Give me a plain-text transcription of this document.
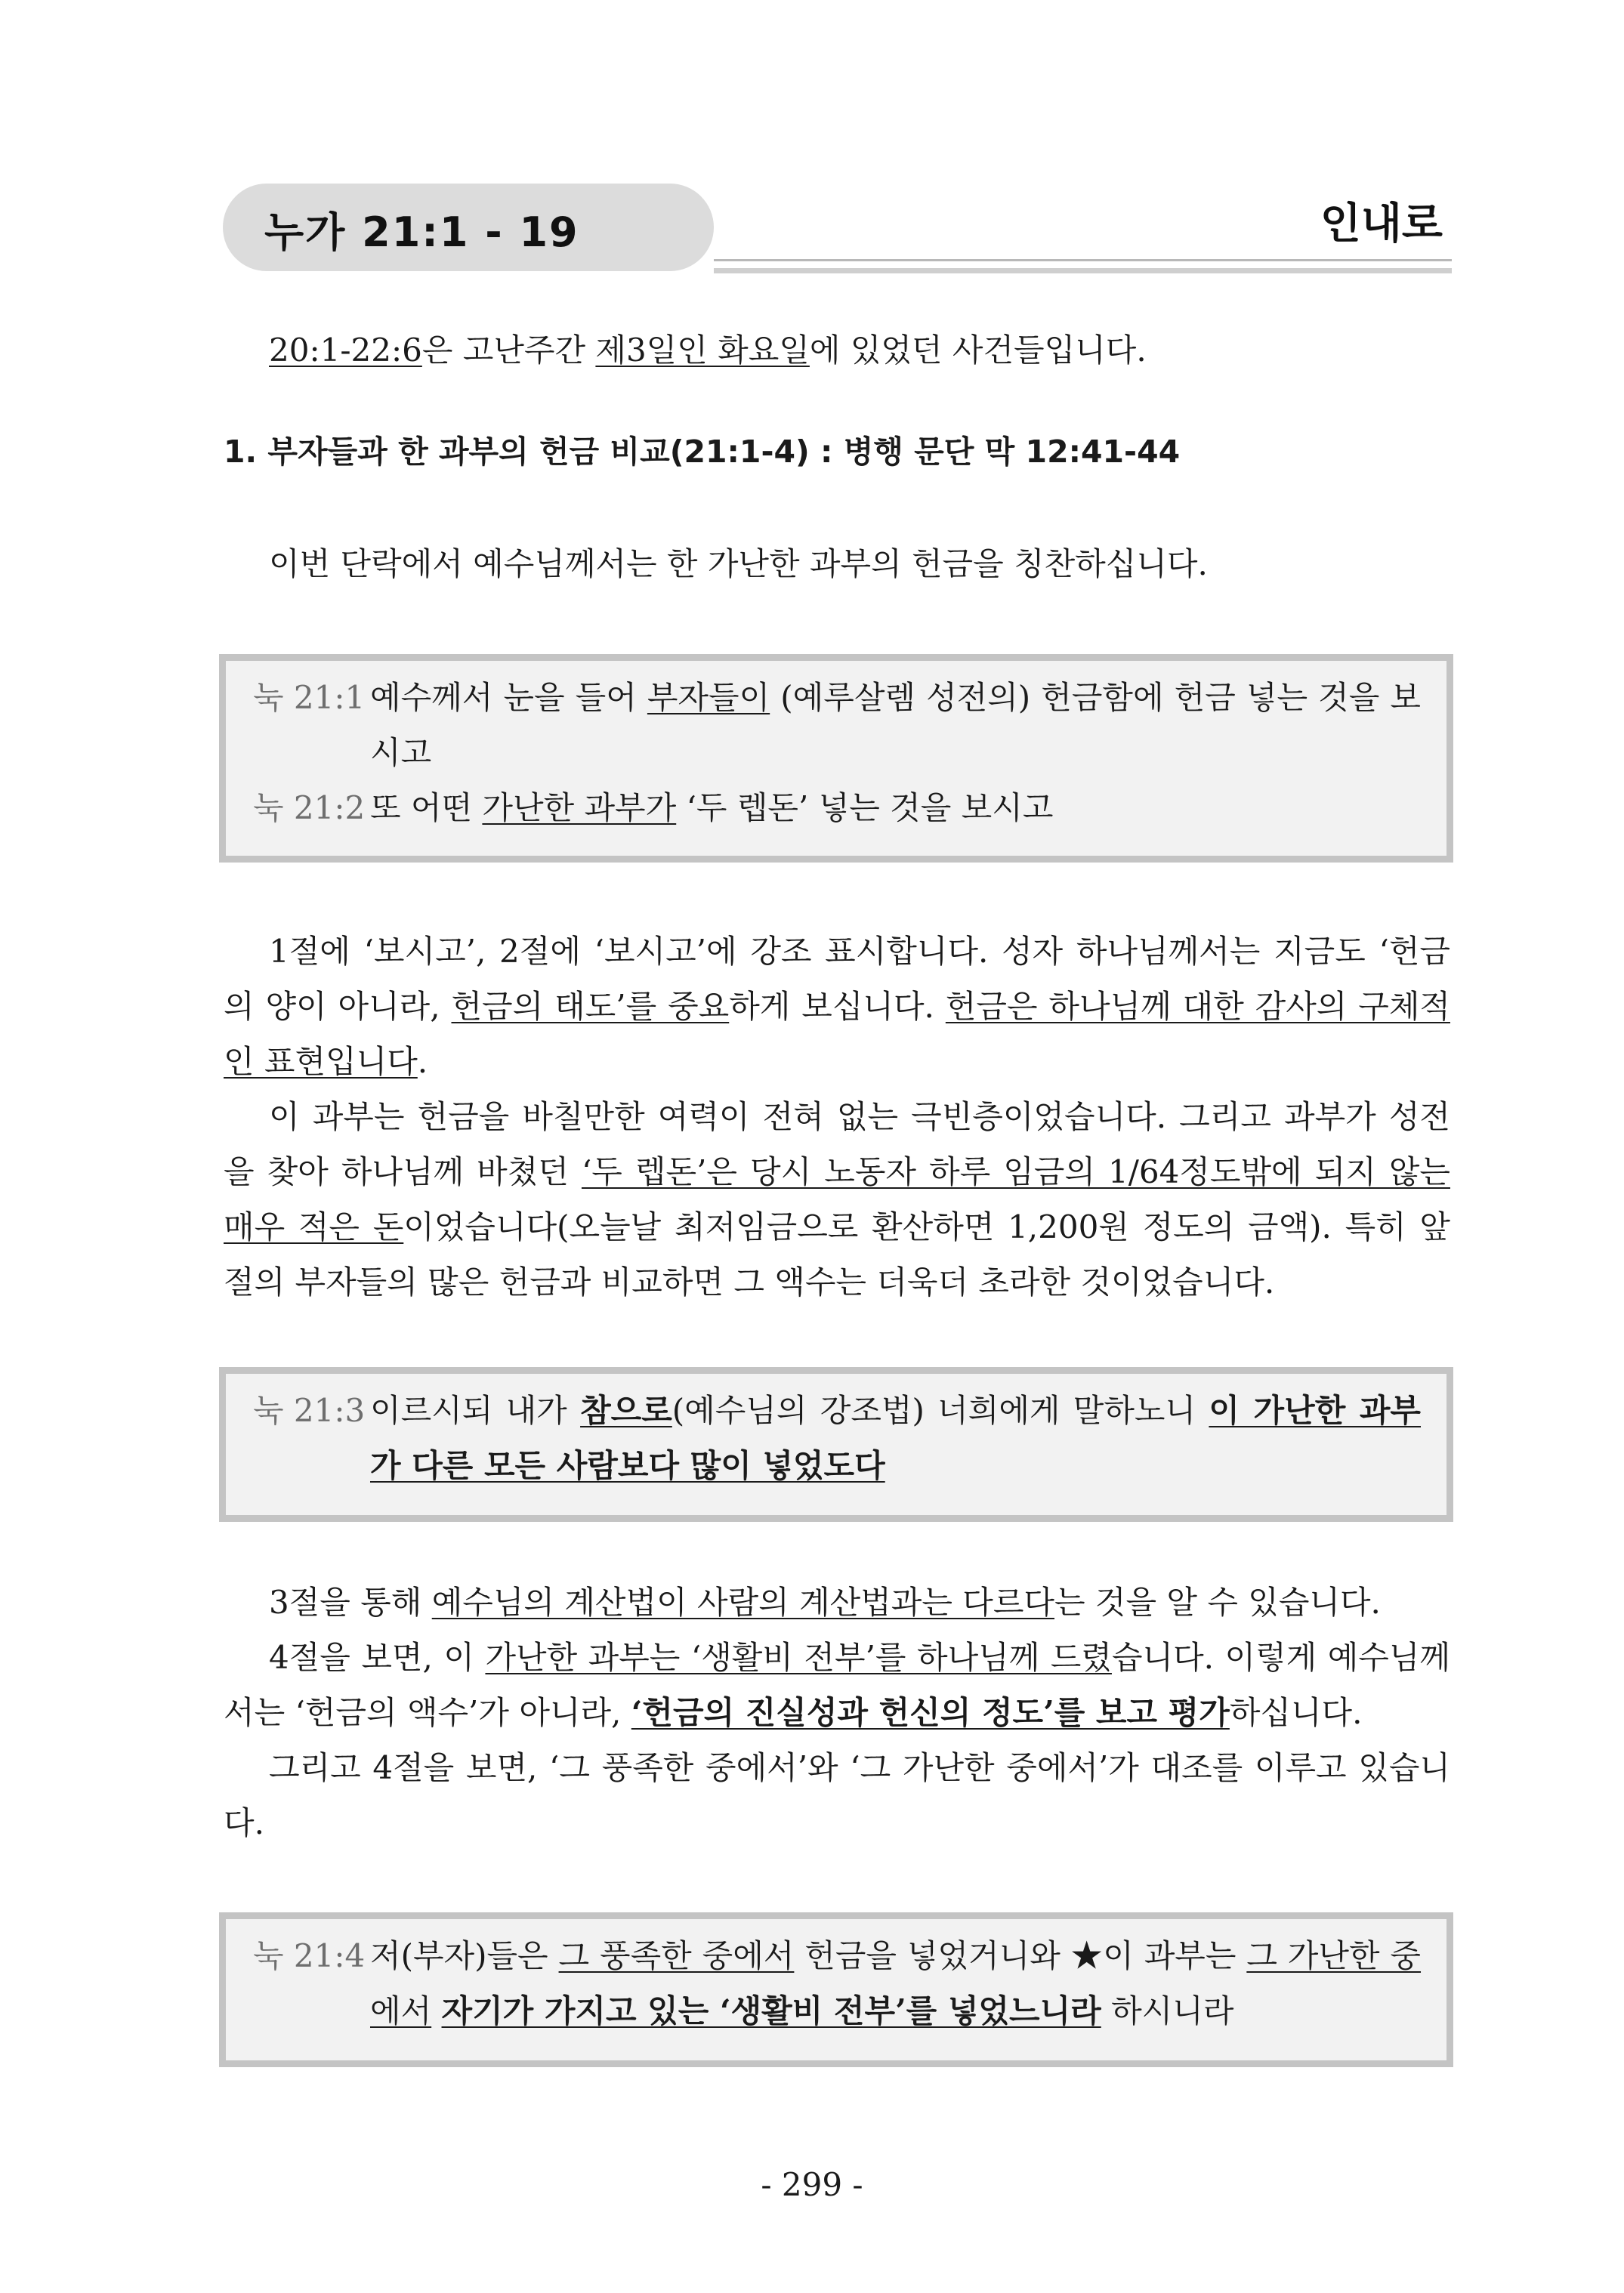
누가 21:1 - 19	인내로

20:1-22:6은 고난주간 제3일인 화요일에 있었던 사건들입니다.

1. 부자들과 한 과부의 헌금 비교(21:1-4) : 병행 문단 막 12:41-44

이번 단락에서 예수님께서는 한 가난한 과부의 헌금을 칭찬하십니다.

눅 21:1 예수께서 눈을 들어 부자들이 (예루살렘 성전의) 헌금함에 헌금 넣는 것을 보시고
눅 21:2 또 어떤 가난한 과부가 ‘두 렙돈’ 넣는 것을 보시고

1절에 ‘보시고’, 2절에 ‘보시고’에 강조 표시합니다. 성자 하나님께서는 지금도 ‘헌금의 양이 아니라, 헌금의 태도’를 중요하게 보십니다. 헌금은 하나님께 대한 감사의 구체적인 표현입니다.

이 과부는 헌금을 바칠만한 여력이 전혀 없는 극빈층이었습니다. 그리고 과부가 성전을 찾아 하나님께 바쳤던 ‘두 렙돈’은 당시 노동자 하루 임금의 1/64정도밖에 되지 않는 매우 적은 돈이었습니다(오늘날 최저임금으로 환산하면 1,200원 정도의 금액). 특히 앞 절의 부자들의 많은 헌금과 비교하면 그 액수는 더욱더 초라한 것이었습니다.

눅 21:3 이르시되 내가 참으로(예수님의 강조법) 너희에게 말하노니 이 가난한 과부가 다른 모든 사람보다 많이 넣었도다

3절을 통해 예수님의 계산법이 사람의 계산법과는 다르다는 것을 알 수 있습니다.

4절을 보면, 이 가난한 과부는 ‘생활비 전부’를 하나님께 드렸습니다. 이렇게 예수님께서는 ‘헌금의 액수’가 아니라, ‘헌금의 진실성과 헌신의 정도’를 보고 평가하십니다.

그리고 4절을 보면, ‘그 풍족한 중에서’와 ‘그 가난한 중에서’가 대조를 이루고 있습니다.

눅 21:4 저(부자)들은 그 풍족한 중에서 헌금을 넣었거니와 ★이 과부는 그 가난한 중에서 자기가 가지고 있는 ‘생활비 전부’를 넣었느니라 하시니라
- 299 -
